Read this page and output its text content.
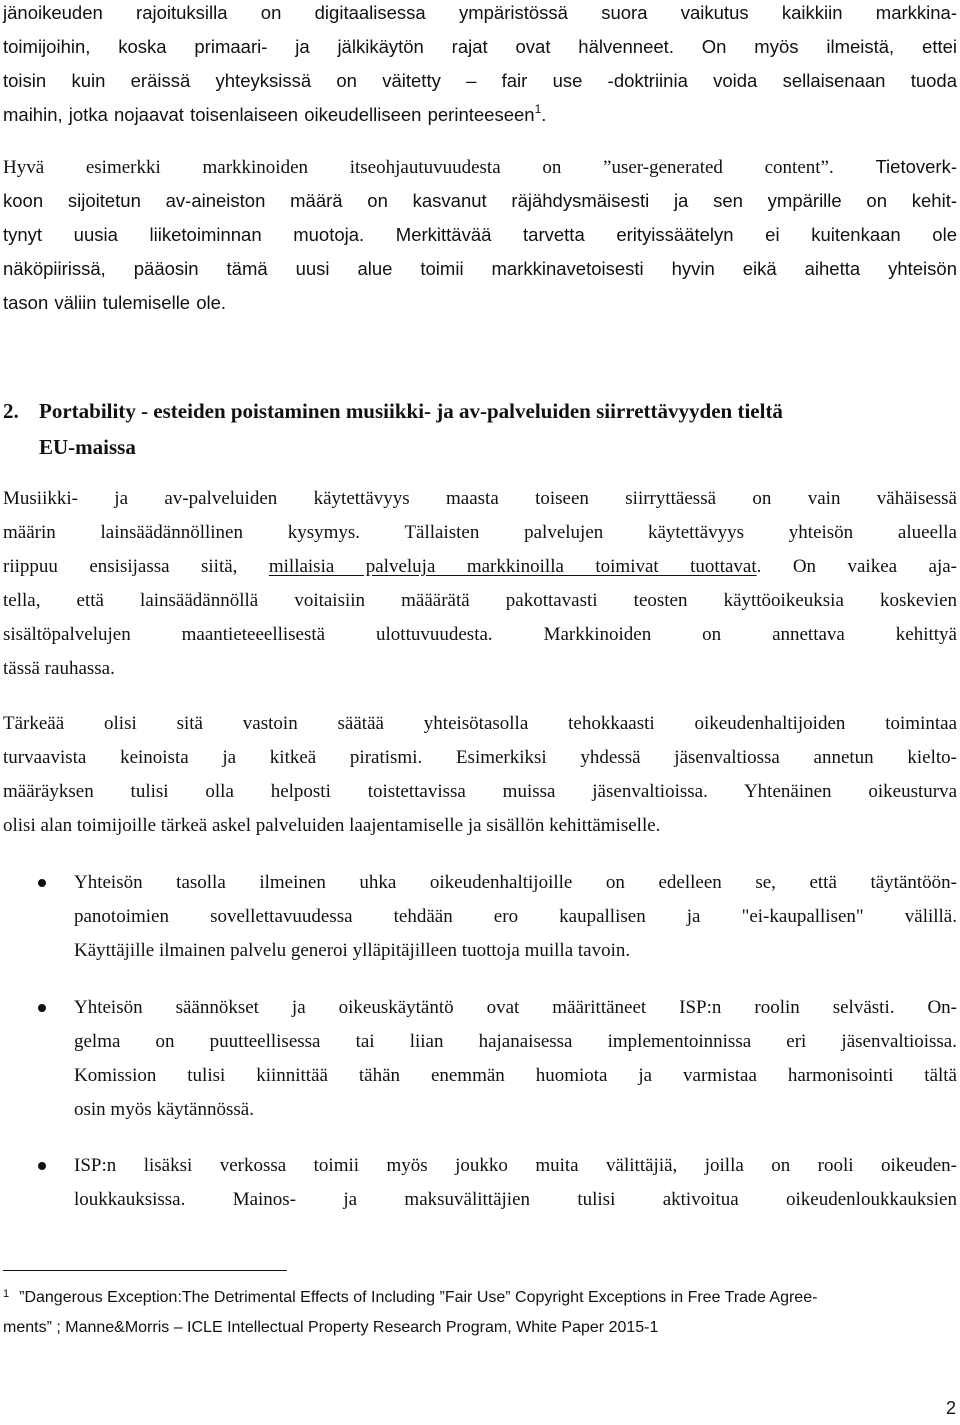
jänoikeuden rajoituksilla on digitaalisessa ympäristössä suora vaikutus kaikkiin markkina-
toimijoihin, koska primaari- ja jälkikäytön rajat ovat hälvenneet. On myös ilmeistä, ettei
toisin kuin eräissä yhteyksissä on väitetty – fair use -doktriinia voida sellaisenaan tuoda
maihin, jotka nojaavat toisenlaiseen oikeudelliseen perinteeseen$^1$.
Hyvä esimerkki markkinoiden itseohjautuvuudesta on ”user-generated content”. Tietoverk-
koon sijoitetun av-aineiston määrä on kasvanut räjähdysmäisesti ja sen ympärille on kehit-
tynyt uusia liiketoiminnan muotoja. Merkittävää tarvetta erityissäätelyn ei kuitenkaan ole
näköpiirissä, pääosin tämä uusi alue toimii markkinavetoisesti hyvin eikä aihetta yhteisön
tason väliin tulemiselle ole.
2. Portability - esteiden poistaminen musiikki- ja av-palveluiden siirrettävyyden tieltä
EU-maissa
Musiikki- ja av-palveluiden käytettävyys maasta toiseen siirryttäessä on vain vähäisessä
määrin lainsäädännöllinen kysymys. Tällaisten palvelujen käytettävyys yhteisön alueella
riippuu ensisijassa siitä, millaisia palveluja markkinoilla toimivat tuottavat. On vaikea aja-
tella, että lainsäädännöllä voitaisiin määärätä pakottavasti teosten käyttöoikeuksia koskevien
sisältöpalvelujen maantieteeellisestä ulottuvuudesta. Markkinoiden on annettava kehittyä
tässä rauhassa.
Tärkeää olisi sitä vastoin säätää yhteisötasolla tehokkaasti oikeudenhaltijoiden toimintaa
turvaavista keinoista ja kitkeä piratismi. Esimerkiksi yhdessä jäsenvaltiossa annetun kielto-
määräyksen tulisi olla helposti toistettavissa muissa jäsenvaltioissa. Yhtenäinen oikeusturva
olisi alan toimijoille tärkeä askel palveluiden laajentamiselle ja sisällön kehittämiselle.
Yhteisön tasolla ilmeinen uhka oikeudenhaltijoille on edelleen se, että täytäntöön-
panotoimien sovellettavuudessa tehdään ero kaupallisen ja "ei-kaupallisen" välillä.
Käyttäjille ilmainen palvelu generoi ylläpitäjilleen tuottoja muilla tavoin.
Yhteisön säännökset ja oikeuskäytäntö ovat määrittäneet ISP:n roolin selvästi. On-
gelma on puutteellisessa tai liian hajanaisessa implementoinnissa eri jäsenvaltioissa.
Komission tulisi kiinnittää tähän enemmän huomiota ja varmistaa harmonisointi tältä
osin myös käytännössä.
ISP:n lisäksi verkossa toimii myös joukko muita välittäjiä, joilla on rooli oikeuden-
loukkauksissa. Mainos- ja maksuvälittäjien tulisi aktivoitua oikeudenloukkauksien
$^1$ ”Dangerous Exception:The Detrimental Effects of Including ”Fair Use” Copyright Exceptions in Free Trade Agree-
ments” ; Manne&Morris – ICLE Intellectual Property Research Program, White Paper 2015-1
2
